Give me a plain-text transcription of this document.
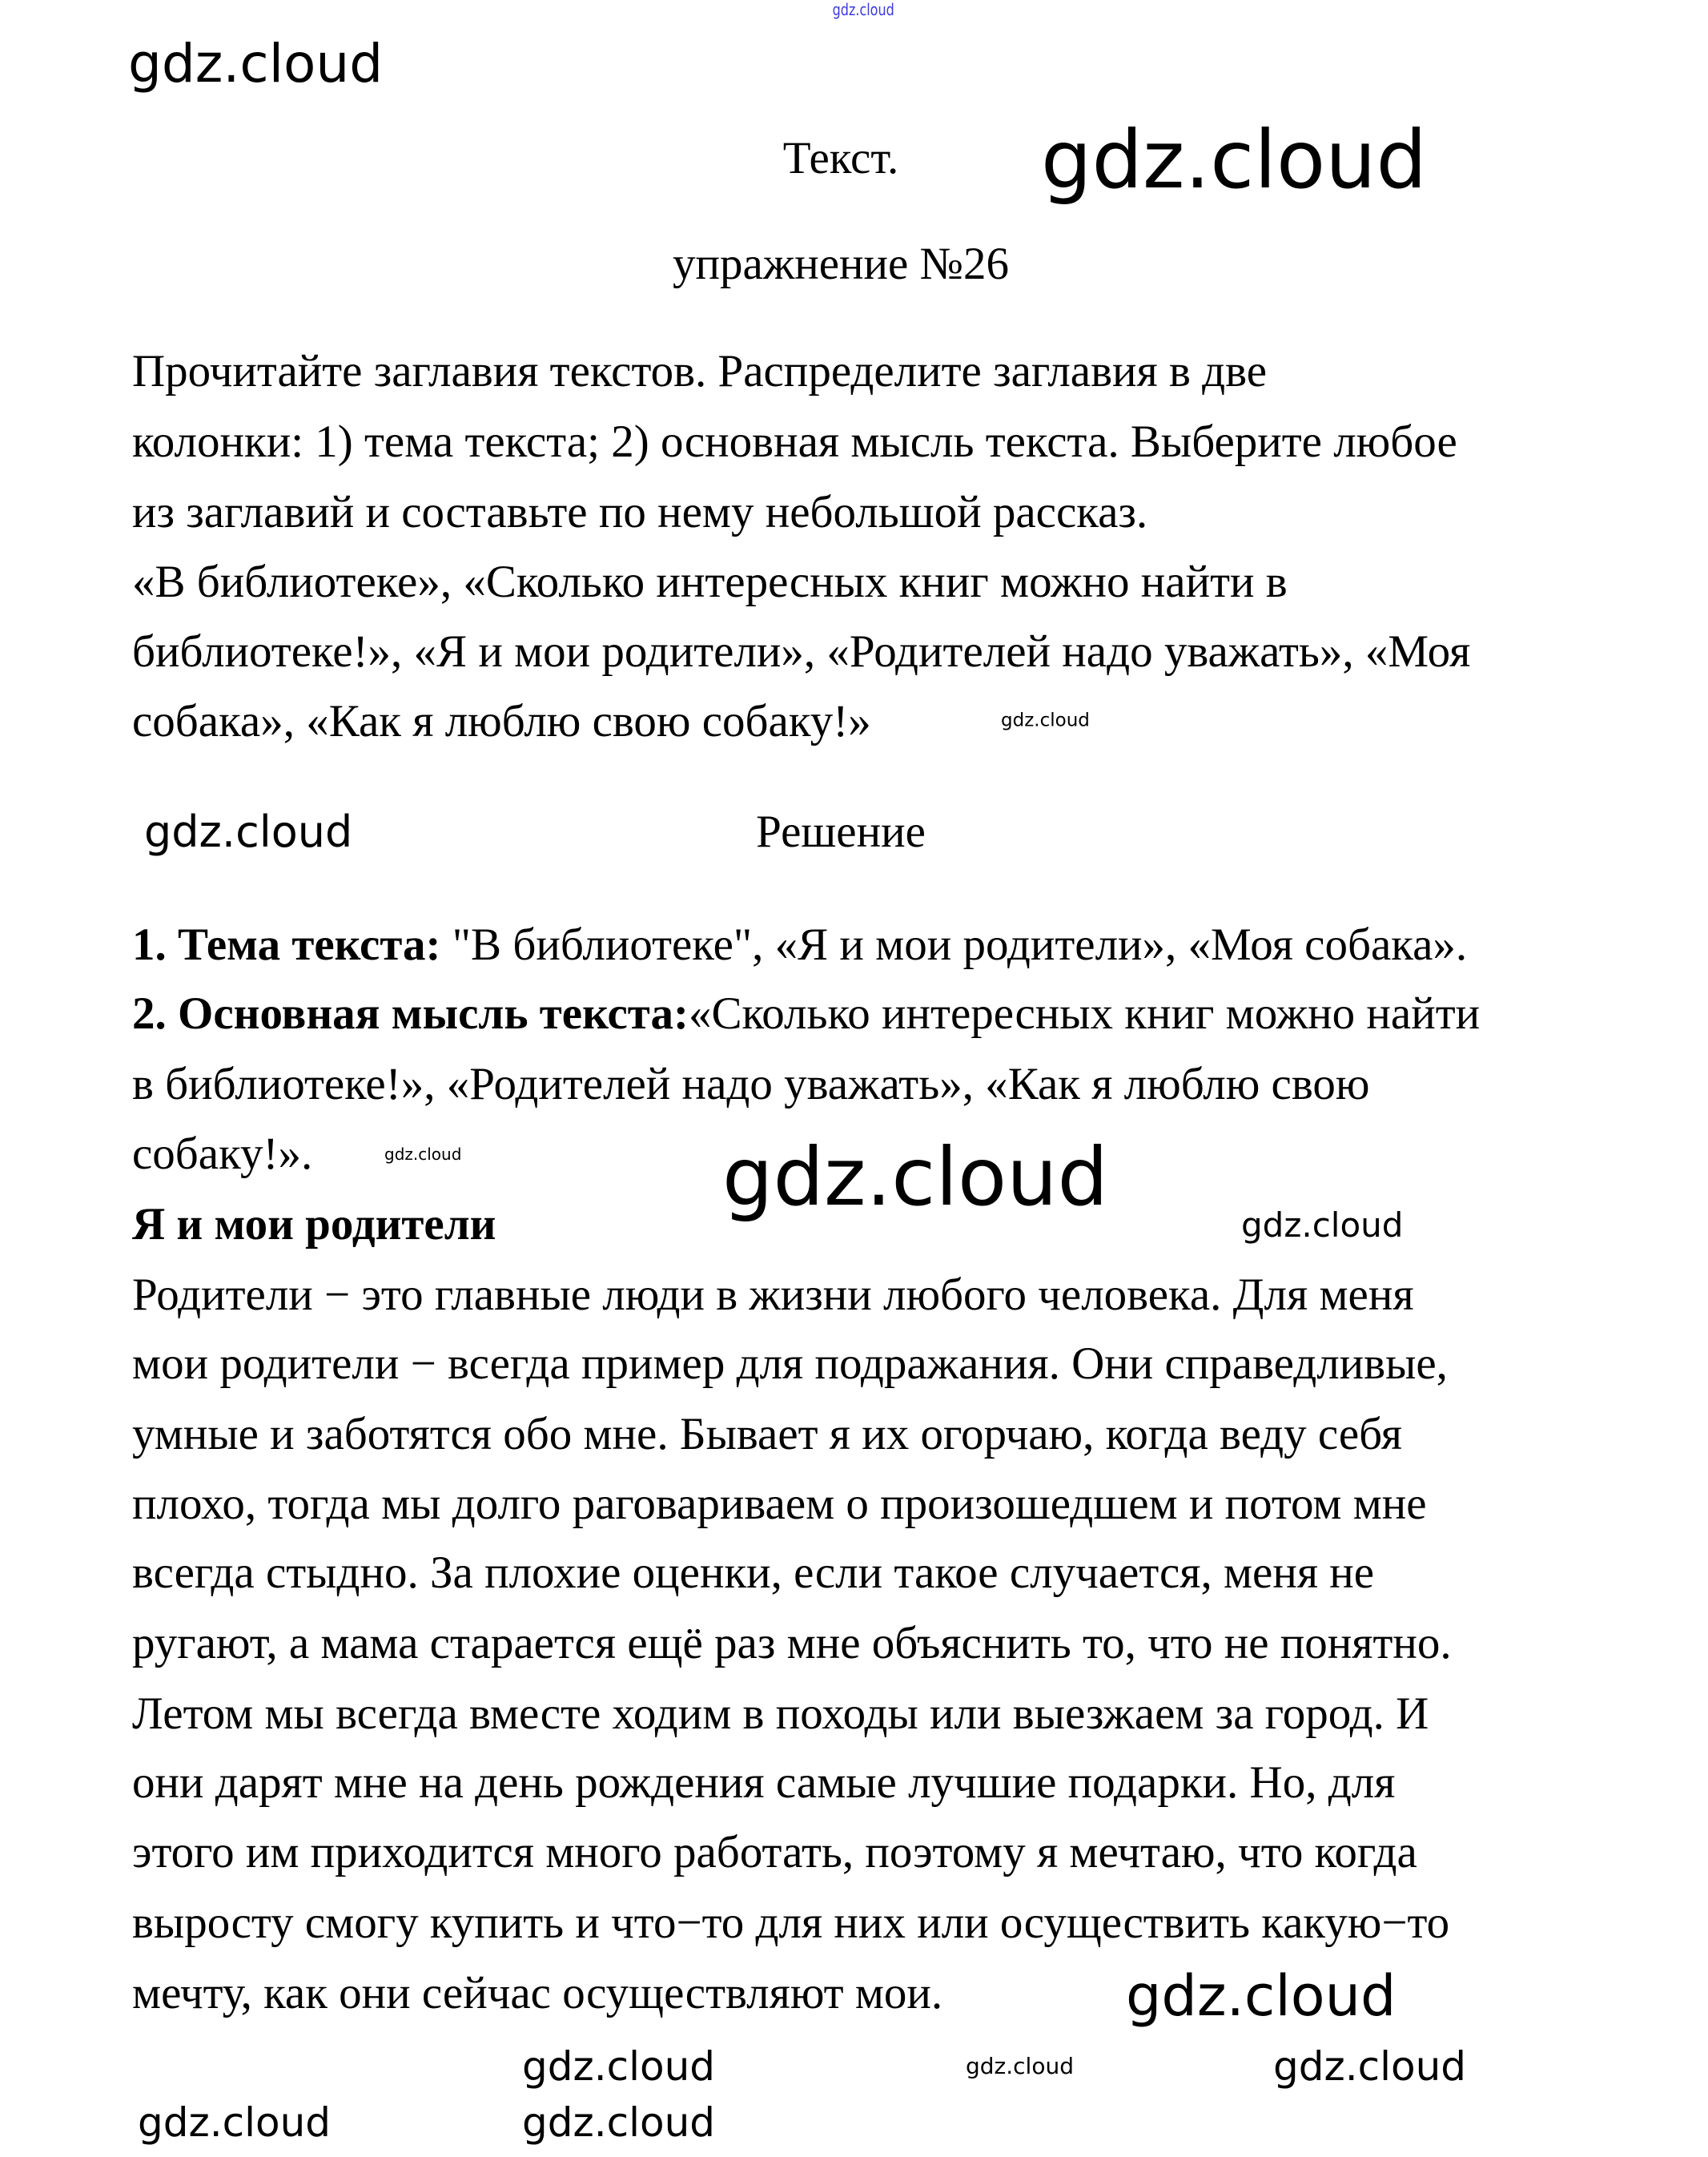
gdz.cloud
Текст.
упражнение №26
Прочитайте заглавия текстов. Распределите заглавия в две
колонки: 1) тема текста; 2) основная мысль текста. Выберите любое
из заглавий и составьте по нему небольшой рассказ.
«В библиотеке», «Сколько интересных книг можно найти в
библиотеке!», «Я и мои родители», «Родителей надо уважать», «Моя
собака», «Как я люблю свою собаку!»
Решение
1. Тема текста: "В библиотеке", «Я и мои родители», «Моя собака».
2. Основная мысль текста:«Сколько интересных книг можно найти
в библиотеке!», «Родителей надо уважать», «Как я люблю свою
собаку!».
Я и мои родители
Родители − это главные люди в жизни любого человека. Для меня
мои родители − всегда пример для подражания. Они справедливые,
умные и заботятся обо мне. Бывает я их огорчаю, когда веду себя
плохо, тогда мы долго раговариваем о произошедшем и потом мне
всегда стыдно. За плохие оценки, если такое случается, меня не
ругают, а мама старается ещё раз мне объяснить то, что не понятно.
Летом мы всегда вместе ходим в походы или выезжаем за город. И
они дарят мне на день рождения самые лучшие подарки. Но, для
этого им приходится много работать, поэтому я мечтаю, что когда
выросту смогу купить и что−то для них или осуществить какую−то
мечту, как они сейчас осуществляют мои.
gdz.cloud
gdz.cloud
gdz.cloud
gdz.cloud
gdz.cloud	gdz.cloud
gdz.cloud
gdz.cloud	gdz.cloud	gdz.cloud
gdz.cloud	gdz.cloud
gdz.cloud
